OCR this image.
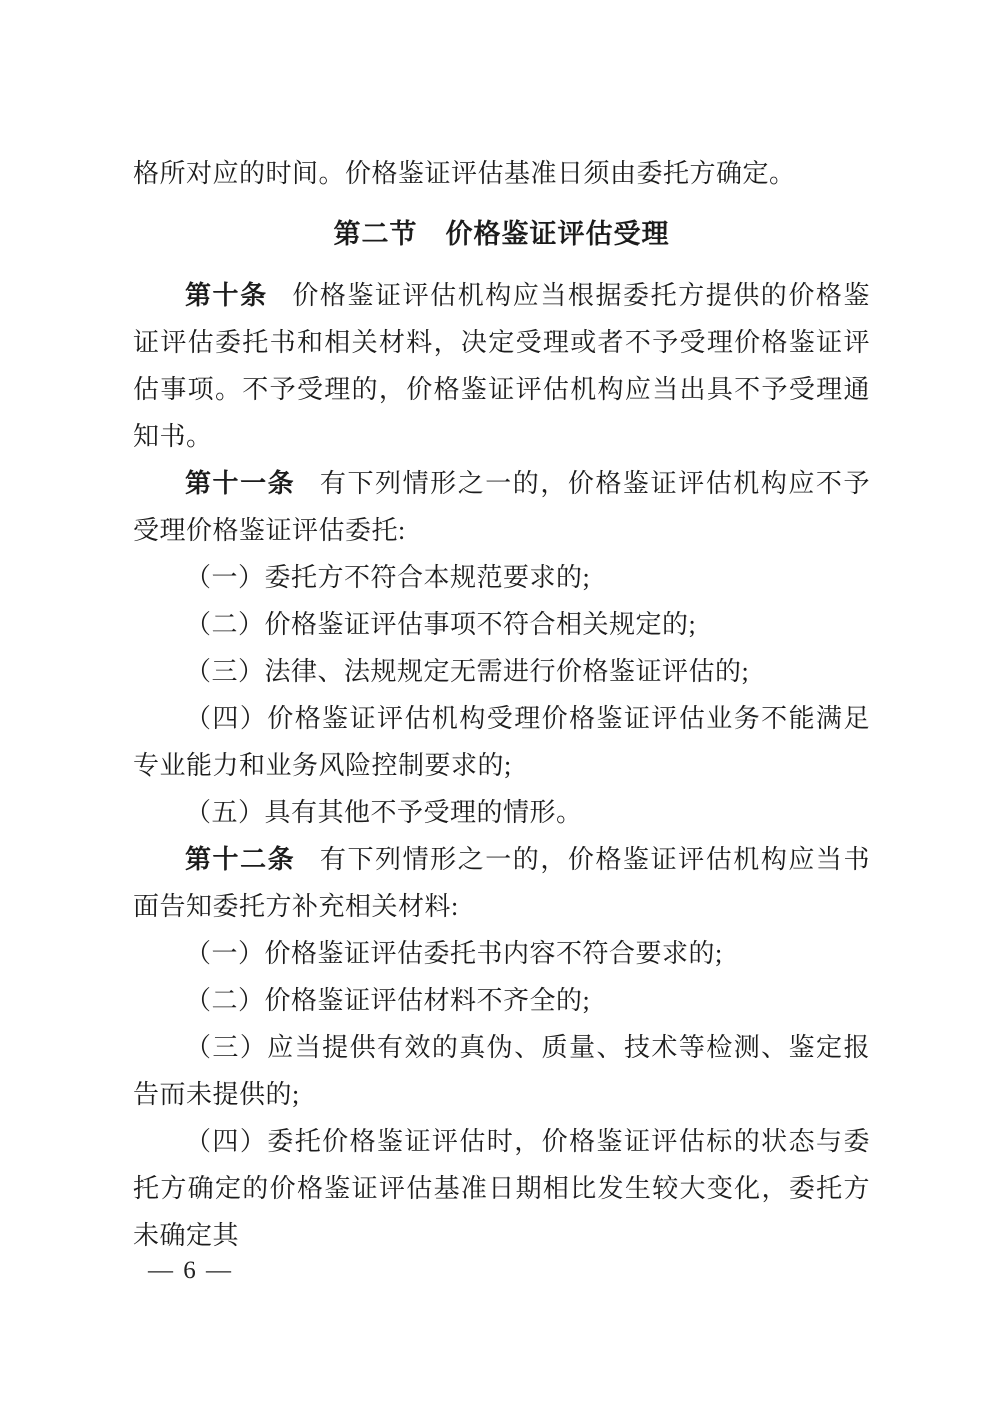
格所对应的时间。价格鉴证评估基准日须由委托方确定。

第二节　价格鉴证评估受理

第十条 价格鉴证评估机构应当根据委托方提供的价格鉴证评估委托书和相关材料，决定受理或者不予受理价格鉴证评估事项。不予受理的，价格鉴证评估机构应当出具不予受理通知书。

第十一条 有下列情形之一的，价格鉴证评估机构应不予受理价格鉴证评估委托:

（一）委托方不符合本规范要求的;

（二）价格鉴证评估事项不符合相关规定的;

（三）法律、法规规定无需进行价格鉴证评估的;

（四）价格鉴证评估机构受理价格鉴证评估业务不能满足专业能力和业务风险控制要求的;

（五）具有其他不予受理的情形。

第十二条 有下列情形之一的，价格鉴证评估机构应当书面告知委托方补充相关材料:

（一）价格鉴证评估委托书内容不符合要求的;

（二）价格鉴证评估材料不齐全的;

（三）应当提供有效的真伪、质量、技术等检测、鉴定报告而未提供的;

（四）委托价格鉴证评估时，价格鉴证评估标的状态与委托方确定的价格鉴证评估基准日期相比发生较大变化，委托方未确定其

— 6 —
